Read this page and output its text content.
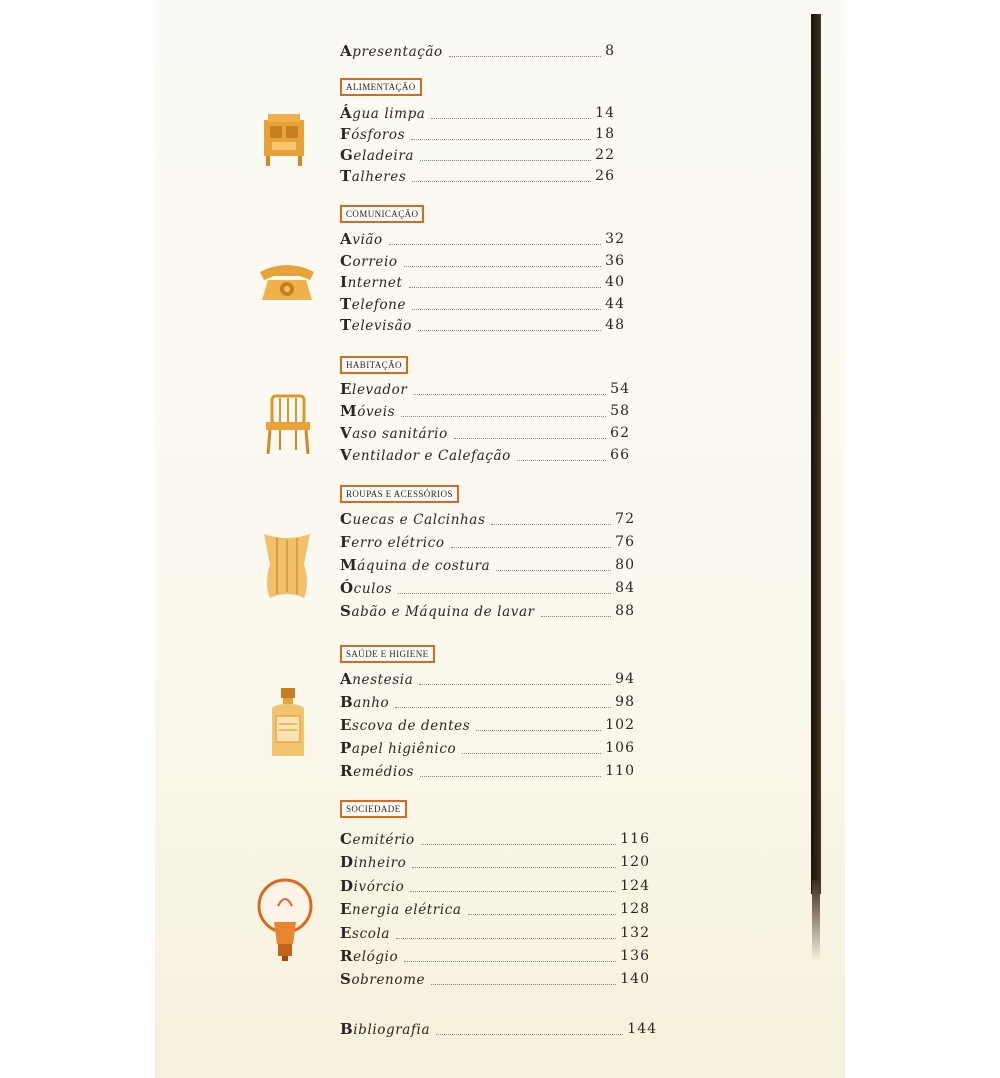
Apresentação	8
ALIMENTAÇÃO
Água limpa	14
Fósforos	18
Geladeira	22
Talheres	26
COMUNICAÇÃO
Avião	32
Correio	36
Internet	40
Telefone	44
Televisão	48
HABITAÇÃO
Elevador	54
Móveis	58
Vaso sanitário	62
Ventilador e Calefação	66
ROUPAS E ACESSÓRIOS
Cuecas e Calcinhas	72
Ferro elétrico	76
Máquina de costura	80
Óculos	84
Sabão e Máquina de lavar	88
SAÚDE E HIGIENE
Anestesia	94
Banho	98
Escova de dentes	102
Papel higiênico	106
Remédios	110
SOCIEDADE
Cemitério	116
Dinheiro	120
Divórcio	124
Energia elétrica	128
Escola	132
Relógio	136
Sobrenome	140
Bibliografia	144
